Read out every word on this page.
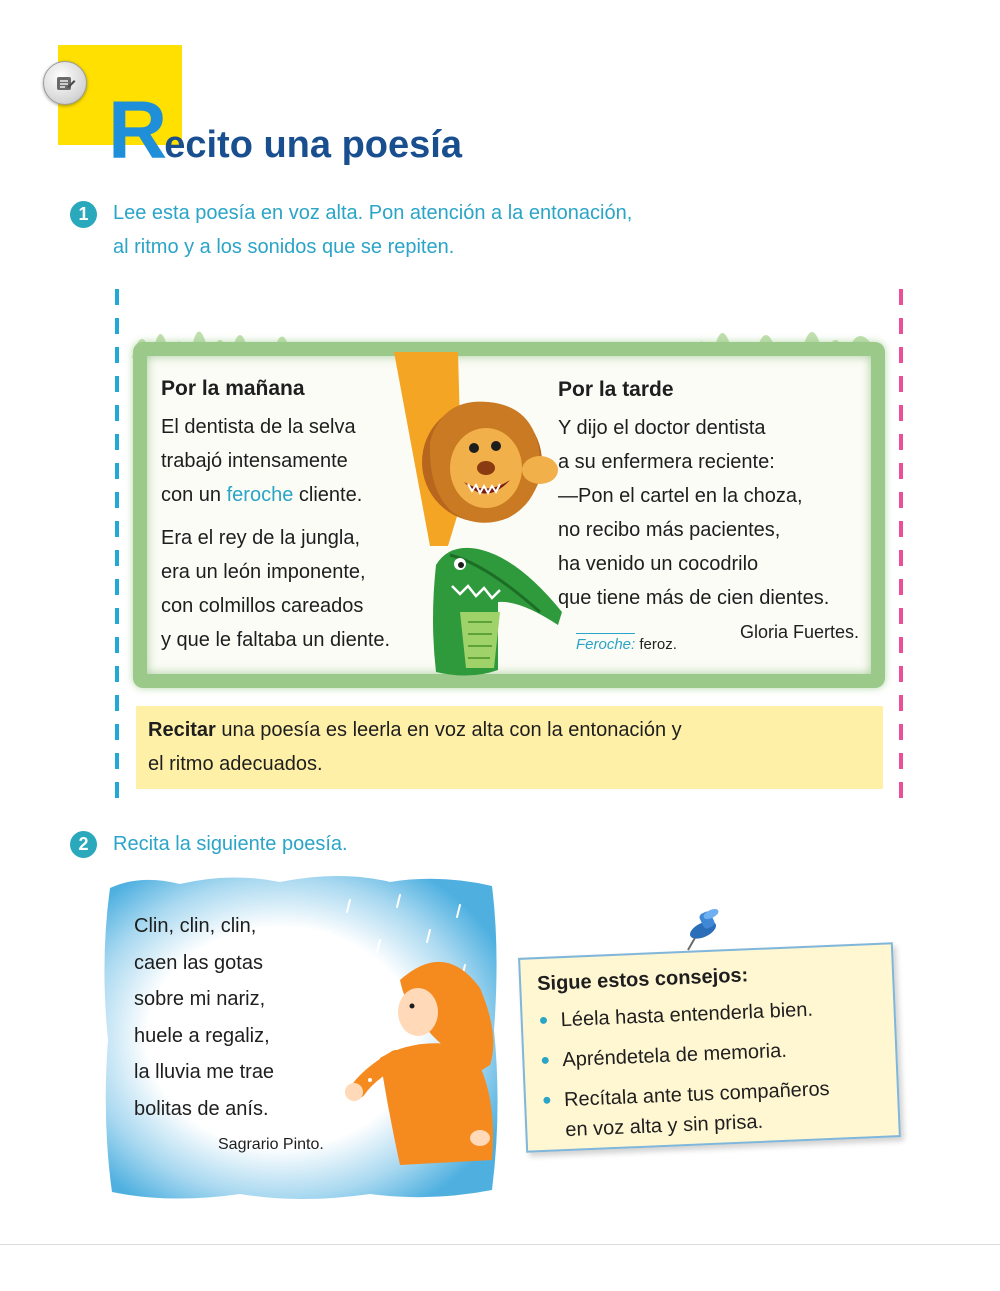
R ecito una poesía
1	Lee esta poesía en voz alta. Pon atención a la entonación,
al ritmo y a los sonidos que se repiten.
Por la mañana
El dentista de la selva
trabajó intensamente
con un feroche cliente.
Era el rey de la jungla,
era un león imponente,
con colmillos careados
y que le faltaba un diente.
Por la tarde
Y dijo el doctor dentista
a su enfermera reciente:
—Pon el cartel en la choza,
no recibo más pacientes,
ha venido un cocodrilo
que tiene más de cien dientes.
Gloria Fuertes.
Feroche: feroz.
Recitar una poesía es leerla en voz alta con la entonación y
el ritmo adecuados.
2	Recita la siguiente poesía.
Clin, clin, clin,
caen las gotas
sobre mi nariz,
huele a regaliz,
la lluvia me trae
bolitas de anís.
Sagrario Pinto.
Sigue estos consejos:
● Léela hasta entenderla bien.
● Apréndetela de memoria.
● Recítala ante tus compañeros
en voz alta y sin prisa.
